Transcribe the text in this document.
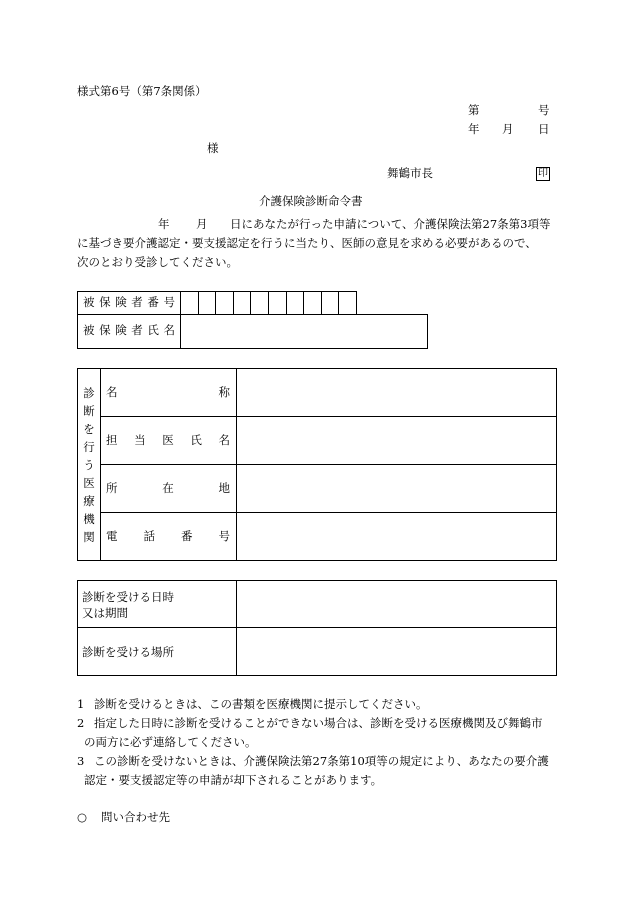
様式第6号（第7条関係）
第	号
年 月 日
様
舞鶴市長	印
介護保険診断命令書
年 月 日にあなたが行った申請について、介護保険法第27条第3項等
に基づき要介護認定・要支援認定を行うに当たり、医師の意見を求める必要があるので、
次のとおり受診してください。
被 保 険 者 番 号
被 保 険 者 氏 名
診断を行う医療機関
名	称
担 当 医 氏 名
所	在	地
電 話 番 号
診断を受ける日時
又は期間
診断を受ける場所
1 診断を受けるときは、この書類を医療機関に提示してください。
2 指定した日時に診断を受けることができない場合は、診断を受ける医療機関及び舞鶴市
の両方に必ず連絡してください。
3 この診断を受けないときは、介護保険法第27条第10項等の規定により、あなたの要介護
認定・要支援認定等の申請が却下されることがあります。
○ 問い合わせ先
